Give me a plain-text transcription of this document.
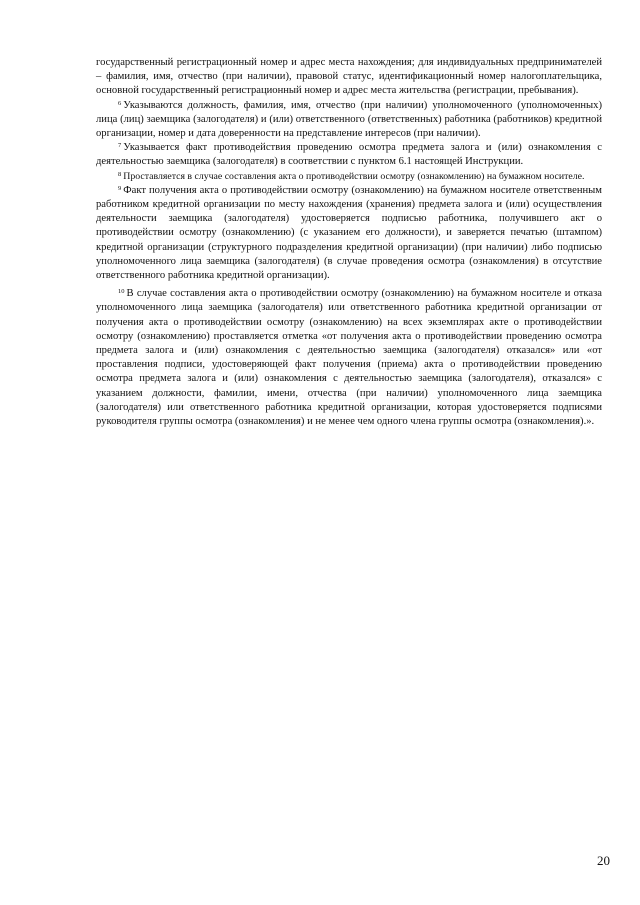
государственный регистрационный номер и адрес места нахождения; для индивидуальных предпринимателей – фамилия, имя, отчество (при наличии), правовой статус, идентификационный номер налогоплательщика, основной государственный регистрационный номер и адрес места жительства (регистрации, пребывания).

$^6$ Указываются должность, фамилия, имя, отчество (при наличии) уполномоченного (уполномоченных) лица (лиц) заемщика (залогодателя) и (или) ответственного (ответственных) работника (работников) кредитной организации, номер и дата доверенности на представление интересов (при наличии).

$^7$ Указывается факт противодействия проведению осмотра предмета залога и (или) ознакомления с деятельностью заемщика (залогодателя) в соответствии с пунктом 6.1 настоящей Инструкции.

$^8$ Проставляется в случае составления акта о противодействии осмотру (ознакомлению) на бумажном носителе.

$^9$ Факт получения акта о противодействии осмотру (ознакомлению) на бумажном носителе ответственным работником кредитной организации по месту нахождения (хранения) предмета залога и (или) осуществления деятельности заемщика (залогодателя) удостоверяется подписью работника, получившего акт о противодействии осмотру (ознакомлению) (с указанием его должности), и заверяется печатью (штампом) кредитной организации (структурного подразделения кредитной организации) (при наличии) либо подписью уполномоченного лица заемщика (залогодателя) (в случае проведения осмотра (ознакомления) в отсутствие ответственного работника кредитной организации).

$^{10}$ В случае составления акта о противодействии осмотру (ознакомлению) на бумажном носителе и отказа уполномоченного лица заемщика (залогодателя) или ответственного работника кредитной организации от получения акта о противодействии осмотру (ознакомлению) на всех экземплярах акте о противодействии осмотру (ознакомлению) проставляется отметка «от получения акта о противодействии проведению осмотра предмета залога и (или) ознакомления с деятельностью заемщика (залогодателя) отказался» или «от проставления подписи, удостоверяющей факт получения (приема) акта о противодействии проведению осмотра предмета залога и (или) ознакомления с деятельностью заемщика (залогодателя), отказался» с указанием должности, фамилии, имени, отчества (при наличии) уполномоченного лица заемщика (залогодателя) или ответственного работника кредитной организации, которая удостоверяется подписями руководителя группы осмотра (ознакомления) и не менее чем одного члена группы осмотра (ознакомления).».

20
